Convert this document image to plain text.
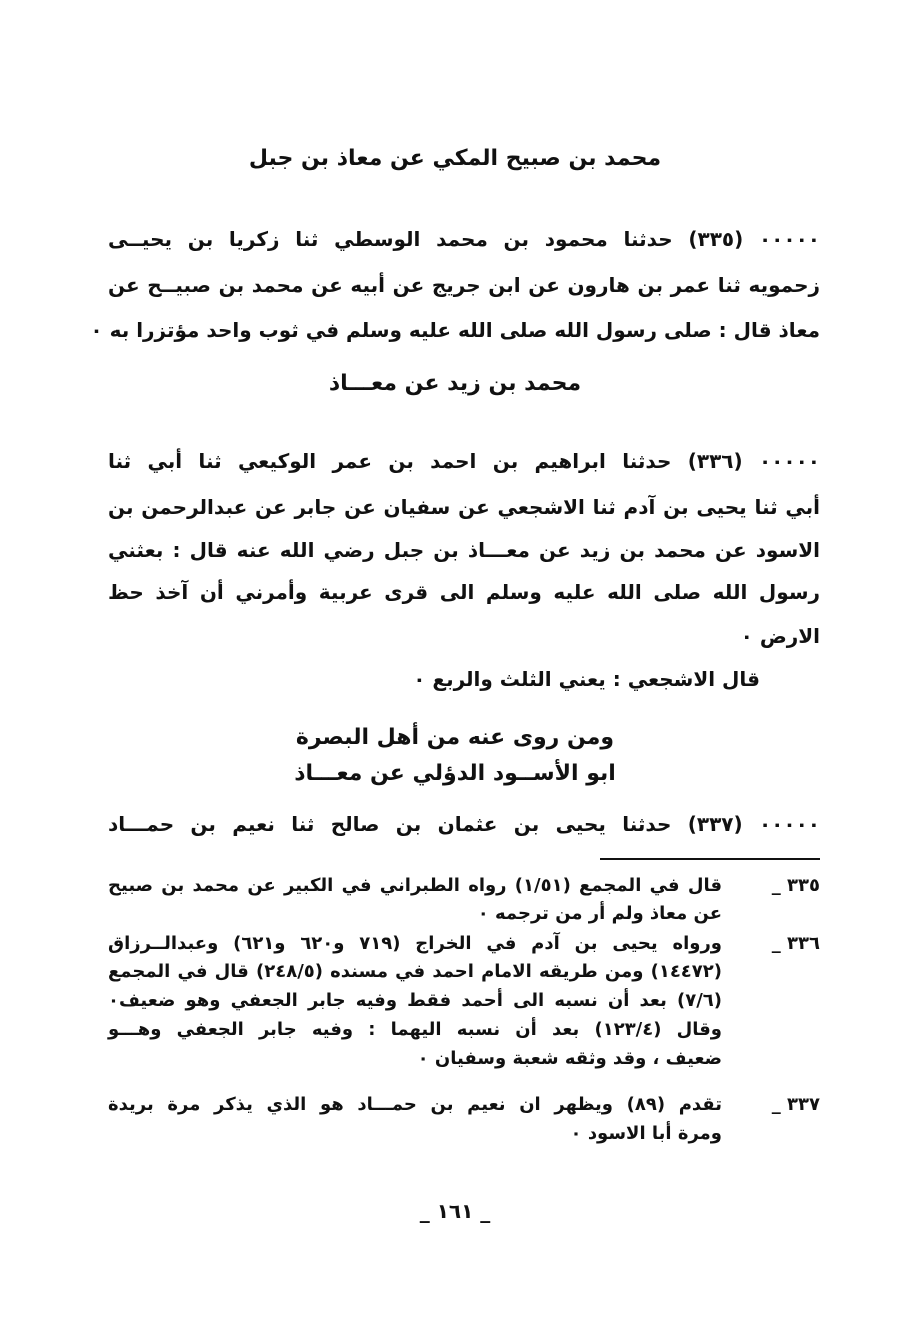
محمد بن صبيح المكي عن معاذ بن جبل
٠٠٠٠٠ (٣٣٥) حدثنا محمود بن محمد الوسطي ثنا زكريا بن يحيــى
زحمويه ثنا عمر بن هارون عن ابن جريج عن أبيه عن محمد بن صبيــح عن
معاذ قال : صلى رسول الله صلى الله عليه وسلم في ثوب واحد مؤتزرا به ٠
محمد بن زيد عن معـــاذ
٠٠٠٠٠ (٣٣٦) حدثنا ابراهيم بن احمد بن عمر الوكيعي ثنا أبي ثنا
أبي ثنا يحيى بن آدم ثنا الاشجعي عن سفيان عن جابر عن عبدالرحمن بن
الاسود عن محمد بن زيد عن معـــاذ بن جبل رضي الله عنه قال : بعثني
رسول الله صلى الله عليه وسلم الى قرى عربية وأمرني أن آخذ حظ
الارض ٠
قال الاشجعي : يعني الثلث والربع ٠
ومن روى عنه من أهل البصرة
ابو الأســود الدؤلي عن معـــاذ
٠٠٠٠٠ (٣٣٧) حدثنا يحيى بن عثمان بن صالح ثنا نعيم بن حمـــاد
٣٣٥ _
قال في المجمع (١/٥١) رواه الطبراني في الكبير عن محمد بن صبيح
عن معاذ ولم أر من ترجمه ٠
٣٣٦ _
ورواه يحيى بن آدم في الخراج (٧١٩ و٦٢٠ و٦٢١) وعبدالــرزاق
(١٤٤٧٢) ومن طريقه الامام احمد في مسنده (٢٤٨/٥) قال في المجمع
(٧/٦) بعد أن نسبه الى أحمد فقط وفيه جابر الجعفي وهو ضعيف٠
وقال (١٢٣/٤) بعد أن نسبه اليهما : وفيه جابر الجعفي وهـــو
ضعيف ، وقد وثقه شعبة وسفيان ٠
٣٣٧ _
تقدم (٨٩) ويظهر ان نعيم بن حمـــاد هو الذي يذكر مرة بريدة
ومرة أبا الاسود ٠
_ ١٦١ _
